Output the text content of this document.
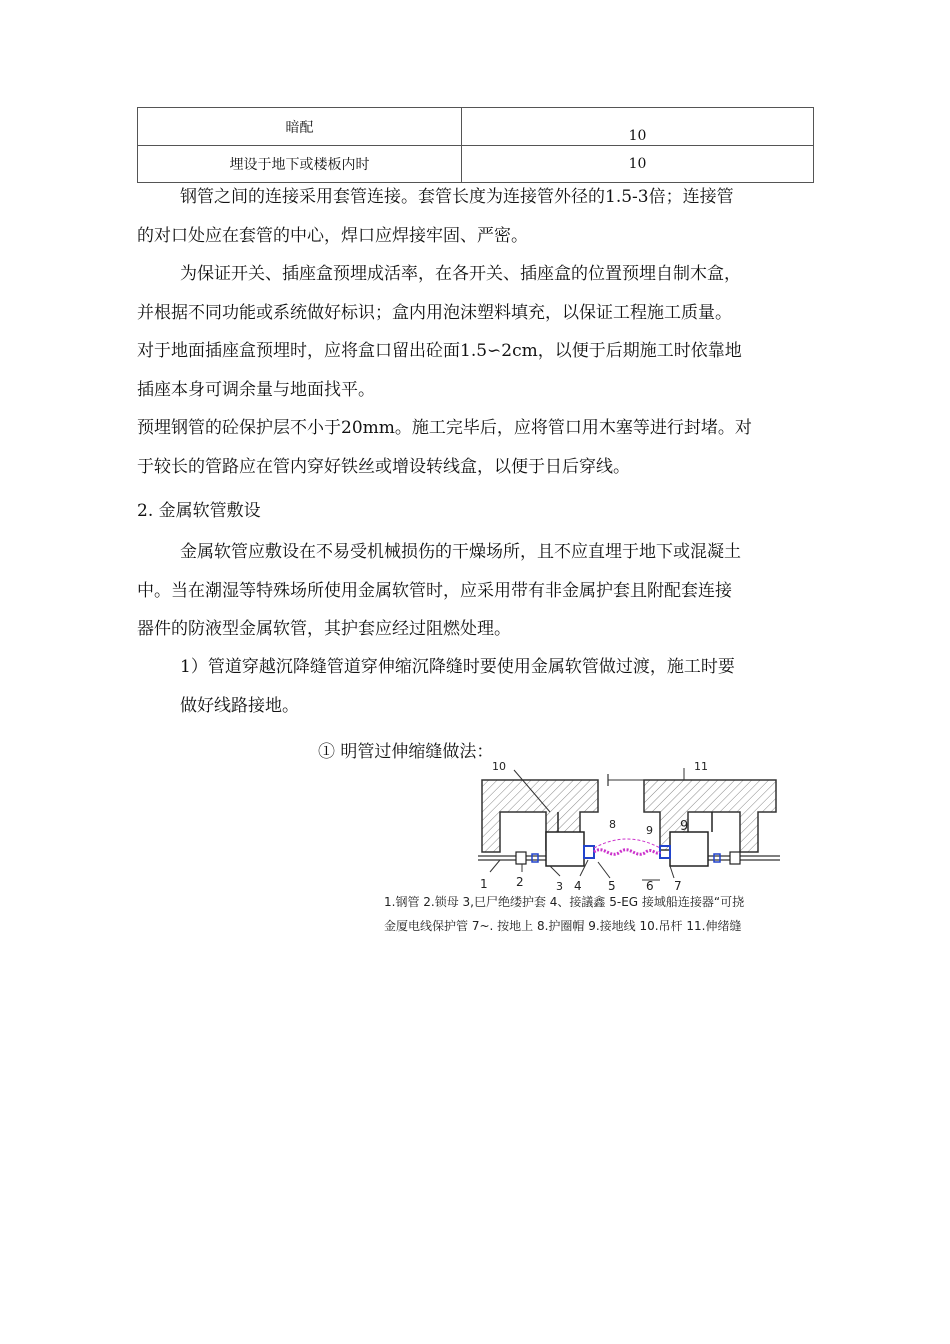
暗配	10
埋设于地下或楼板内时	10
钢管之间的连接采用套管连接。套管长度为连接管外径的1.5-3倍；连接管
的对口处应在套管的中心，焊口应焊接牢固、严密。
为保证开关、插座盒预埋成活率，在各开关、插座盒的位置预埋自制木盒，
并根据不同功能或系统做好标识；盒内用泡沫塑料填充，以保证工程施工质量。
对于地面插座盒预埋时，应将盒口留出砼面1.5∽2cm，以便于后期施工时依靠地
插座本身可调余量与地面找平。
预埋钢管的砼保护层不小于20mm。施工完毕后，应将管口用木塞等进行封堵。对
于较长的管路应在管内穿好铁丝或增设转线盒，以便于日后穿线。
2. 金属软管敷设
金属软管应敷设在不易受机械损伤的干燥场所，且不应直埋于地下或混凝土
中。当在潮湿等特殊场所使用金属软管时，应采用带有非金属护套且附配套连接
器件的防液型金属软管，其护套应经过阻燃处理。
1）管道穿越沉降缝管道穿伸缩沉降缝时要使用金属软管做过渡，施工时要
做好线路接地。
① 明管过伸缩缝做法：
10	11
8	9 9
1 2	3 4 5	6 7
1.钢管 2.锁母 3,巳尸绝缕护套 4、接議鑫 5-EG 接域船连接器“可挠
金厦电线保护管 7~. 按地上 8.护圈帽 9.接地线 10.吊杆 11.伸绪缝
